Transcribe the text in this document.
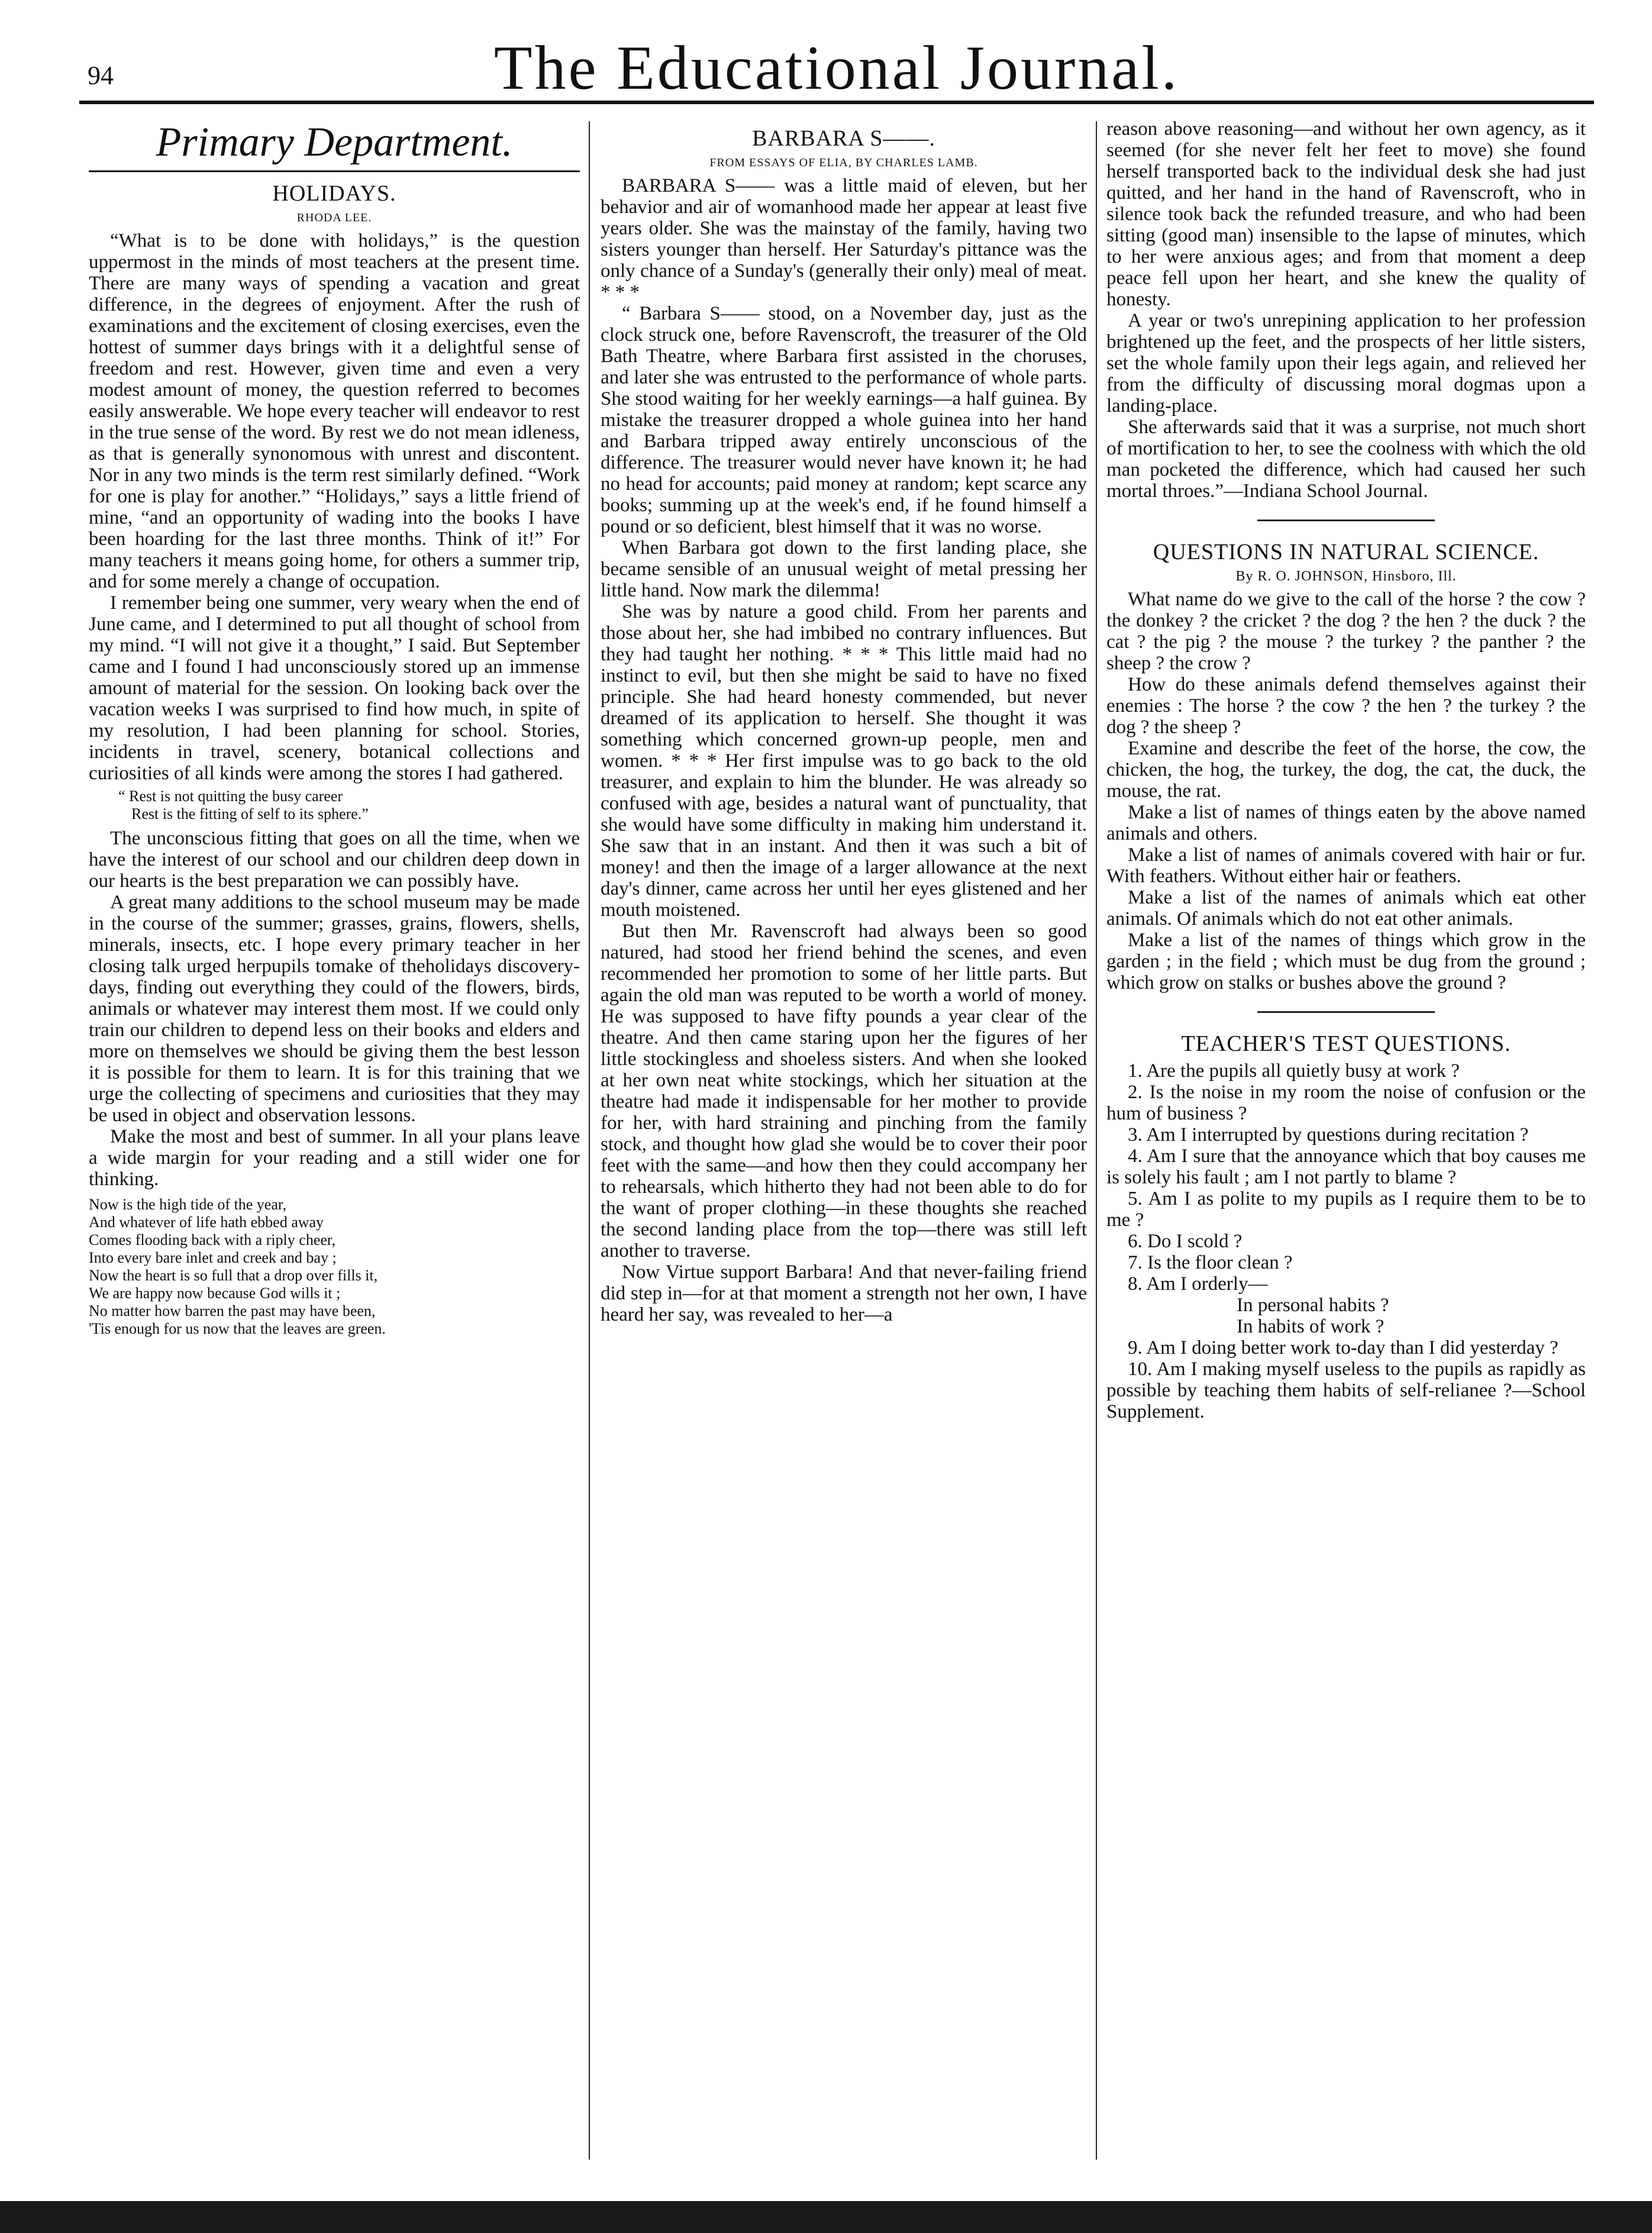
94	The Educational Journal.
Primary Department.
HOLIDAYS.
RHODA LEE.

“What is to be done with holidays,” is the question uppermost in the minds of most teachers at the present time. There are many ways of spending a vacation and great difference, in the degrees of enjoyment. After the rush of examinations and the excitement of closing exercises, even the hottest of summer days brings with it a delightful sense of freedom and rest. However, given time and even a very modest amount of money, the question referred to becomes easily answerable. We hope every teacher will endeavor to rest in the true sense of the word. By rest we do not mean idleness, as that is generally synonomous with unrest and discontent. Nor in any two minds is the term rest similarly defined. “Work for one is play for another.” “Holidays,” says a little friend of mine, “and an opportunity of wading into the books I have been hoarding for the last three months. Think of it!” For many teachers it means going home, for others a summer trip, and for some merely a change of occupation.

I remember being one summer, very weary when the end of June came, and I determined to put all thought of school from my mind. “I will not give it a thought,” I said. But September came and I found I had unconsciously stored up an immense amount of material for the session. On looking back over the vacation weeks I was surprised to find how much, in spite of my resolution, I had been planning for school. Stories, incidents in travel, scenery, botanical collections and curiosities of all kinds were among the stores I had gathered.

“ Rest is not quitting the busy career
Rest is the fitting of self to its sphere.”

The unconscious fitting that goes on all the time, when we have the interest of our school and our children deep down in our hearts is the best preparation we can possibly have.

A great many additions to the school museum may be made in the course of the summer; grasses, grains, flowers, shells, minerals, insects, etc. I hope every primary teacher in her closing talk urged herpupils tomake of theholidays discovery-days, finding out everything they could of the flowers, birds, animals or whatever may interest them most. If we could only train our children to depend less on their books and elders and more on themselves we should be giving them the best lesson it is possible for them to learn. It is for this training that we urge the collecting of specimens and curiosities that they may be used in object and observation lessons.

Make the most and best of summer. In all your plans leave a wide margin for your reading and a still wider one for thinking.

Now is the high tide of the year,
And whatever of life hath ebbed away
Comes flooding back with a riply cheer,
Into every bare inlet and creek and bay ;
Now the heart is so full that a drop over fills it,
We are happy now because God wills it ;
No matter how barren the past may have been,
'Tis enough for us now that the leaves are green.
BARBARA S——.
FROM ESSAYS OF ELIA, BY CHARLES LAMB.

BARBARA S—— was a little maid of eleven, but her behavior and air of womanhood made her appear at least five years older. She was the mainstay of the family, having two sisters younger than herself. Her Saturday's pittance was the only chance of a Sunday's (generally their only) meal of meat. * * *

“ Barbara S—— stood, on a November day, just as the clock struck one, before Ravenscroft, the treasurer of the Old Bath Theatre, where Barbara first assisted in the choruses, and later she was entrusted to the performance of whole parts. She stood waiting for her weekly earnings—a half guinea. By mistake the treasurer dropped a whole guinea into her hand and Barbara tripped away entirely unconscious of the difference. The treasurer would never have known it; he had no head for accounts; paid money at random; kept scarce any books; summing up at the week's end, if he found himself a pound or so deficient, blest himself that it was no worse.

When Barbara got down to the first landing place, she became sensible of an unusual weight of metal pressing her little hand. Now mark the dilemma!

She was by nature a good child. From her parents and those about her, she had imbibed no contrary influences. But they had taught her nothing. * * * This little maid had no instinct to evil, but then she might be said to have no fixed principle. She had heard honesty commended, but never dreamed of its application to herself. She thought it was something which concerned grown-up people, men and women. * * * Her first impulse was to go back to the old treasurer, and explain to him the blunder. He was already so confused with age, besides a natural want of punctuality, that she would have some difficulty in making him understand it. She saw that in an instant. And then it was such a bit of money! and then the image of a larger allowance at the next day's dinner, came across her until her eyes glistened and her mouth moistened.

But then Mr. Ravenscroft had always been so good natured, had stood her friend behind the scenes, and even recommended her promotion to some of her little parts. But again the old man was reputed to be worth a world of money. He was supposed to have fifty pounds a year clear of the theatre. And then came staring upon her the figures of her little stockingless and shoeless sisters. And when she looked at her own neat white stockings, which her situation at the theatre had made it indispensable for her mother to provide for her, with hard straining and pinching from the family stock, and thought how glad she would be to cover their poor feet with the same—and how then they could accompany her to rehearsals, which hitherto they had not been able to do for the want of proper clothing—in these thoughts she reached the second landing place from the top—there was still left another to traverse.

Now Virtue support Barbara! And that never-failing friend did step in—for at that moment a strength not her own, I have heard her say, was revealed to her—a

reason above reasoning—and without her own agency, as it seemed (for she never felt her feet to move) she found herself transported back to the individual desk she had just quitted, and her hand in the hand of Ravenscroft, who in silence took back the refunded treasure, and who had been sitting (good man) insensible to the lapse of minutes, which to her were anxious ages; and from that moment a deep peace fell upon her heart, and she knew the quality of honesty.

A year or two's unrepining application to her profession brightened up the feet, and the prospects of her little sisters, set the whole family upon their legs again, and relieved her from the difficulty of discussing moral dogmas upon a landing-place.

She afterwards said that it was a surprise, not much short of mortification to her, to see the coolness with which the old man pocketed the difference, which had caused her such mortal throes.”—Indiana School Journal.

QUESTIONS IN NATURAL SCIENCE.
By R. O. JOHNSON, Hinsboro, Ill.

What name do we give to the call of the horse ? the cow ? the donkey ? the cricket ? the dog ? the hen ? the duck ? the cat ? the pig ? the mouse ? the turkey ? the panther ? the sheep ? the crow ?

How do these animals defend themselves against their enemies : The horse ? the cow ? the hen ? the turkey ? the dog ? the sheep ?

Examine and describe the feet of the horse, the cow, the chicken, the hog, the turkey, the dog, the cat, the duck, the mouse, the rat.

Make a list of names of things eaten by the above named animals and others.

Make a list of names of animals covered with hair or fur. With feathers. Without either hair or feathers.

Make a list of the names of animals which eat other animals. Of animals which do not eat other animals.

Make a list of the names of things which grow in the garden ; in the field ; which must be dug from the ground ; which grow on stalks or bushes above the ground ?

TEACHER'S TEST QUESTIONS.

1. Are the pupils all quietly busy at work ?

2. Is the noise in my room the noise of confusion or the hum of business ?

3. Am I interrupted by questions during recitation ?

4. Am I sure that the annoyance which that boy causes me is solely his fault ; am I not partly to blame ?

5. Am I as polite to my pupils as I require them to be to me ?

6. Do I scold ?

7. Is the floor clean ?

8. Am I orderly—

In personal habits ?
In habits of work ?

9. Am I doing better work to-day than I did yesterday ?

10. Am I making myself useless to the pupils as rapidly as possible by teaching them habits of self-relianee ?—School Supplement.
